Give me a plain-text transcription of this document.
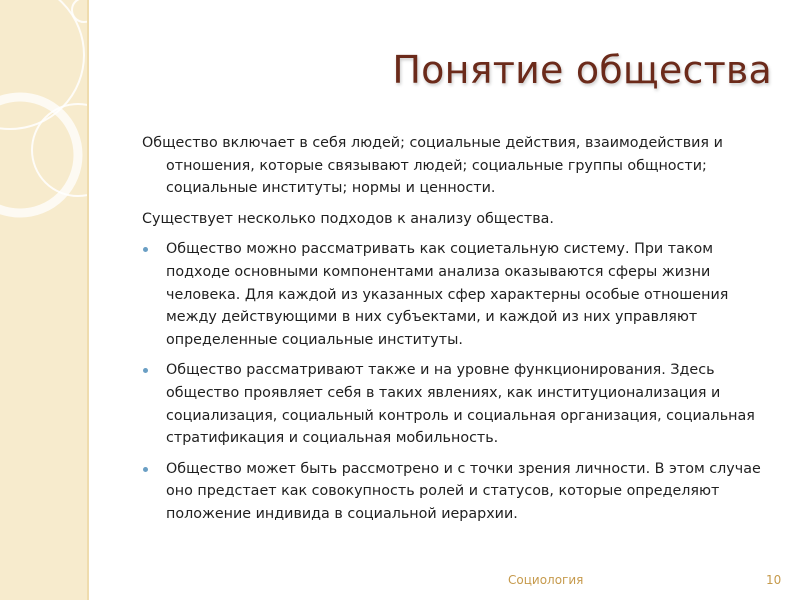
Понятие общества

Общество включает в себя людей; социальные действия, взаимодействия и отношения, которые связывают людей; социальные группы общности; социальные институты; нормы и ценности.

Существует несколько подходов к анализу общества.

Общество можно рассматривать как социетальную систему. При таком подходе основными компонентами анализа оказываются сферы жизни человека. Для каждой из указанных сфер характерны особые отношения между действующими в них субъектами, и каждой из них управляют определенные социальные институты.
Общество рассматривают также и на уровне функционирования. Здесь общество проявляет себя в таких явлениях, как институционализация и социализация, социальный контроль и социальная организация, социальная стратификация и социальная мобильность.
Общество может быть рассмотрено и с точки зрения личности. В этом случае оно предстает как совокупность ролей и статусов, которые определяют положение индивида в социальной иерархии.
Социология	10
